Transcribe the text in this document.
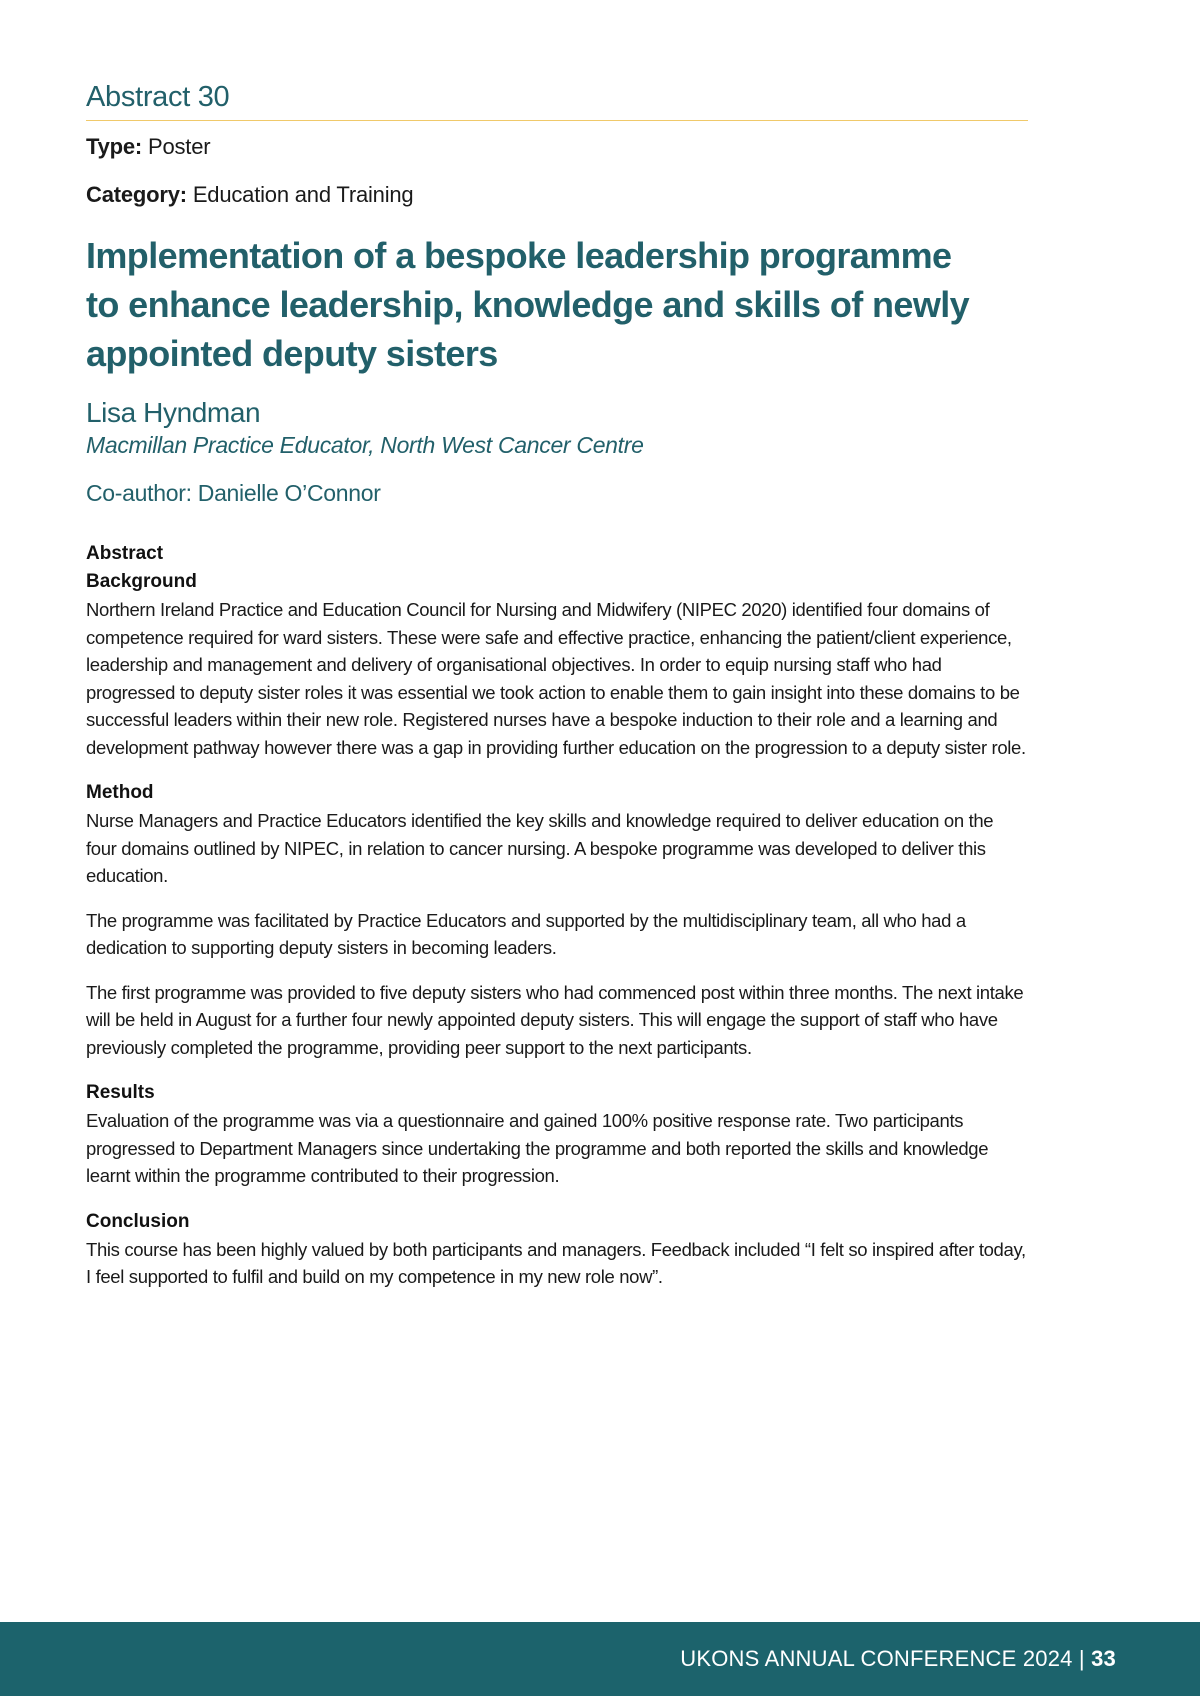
Abstract 30
Type: Poster
Category: Education and Training
Implementation of a bespoke leadership programme to enhance leadership, knowledge and skills of newly appointed deputy sisters
Lisa Hyndman
Macmillan Practice Educator, North West Cancer Centre
Co-author: Danielle O’Connor
Abstract
Background

Northern Ireland Practice and Education Council for Nursing and Midwifery (NIPEC 2020) identified four domains of competence required for ward sisters. These were safe and effective practice, enhancing the patient/client experience, leadership and management and delivery of organisational objectives. In order to equip nursing staff who had progressed to deputy sister roles it was essential we took action to enable them to gain insight into these domains to be successful leaders within their new role. Registered nurses have a bespoke induction to their role and a learning and development pathway however there was a gap in providing further education on the progression to a deputy sister role.

Method

Nurse Managers and Practice Educators identified the key skills and knowledge required to deliver education on the four domains outlined by NIPEC, in relation to cancer nursing. A bespoke programme was developed to deliver this education.

The programme was facilitated by Practice Educators and supported by the multidisciplinary team, all who had a dedication to supporting deputy sisters in becoming leaders.

The first programme was provided to five deputy sisters who had commenced post within three months. The next intake will be held in August for a further four newly appointed deputy sisters. This will engage the support of staff who have previously completed the programme, providing peer support to the next participants.

Results

Evaluation of the programme was via a questionnaire and gained 100% positive response rate. Two participants progressed to Department Managers since undertaking the programme and both reported the skills and knowledge learnt within the programme contributed to their progression.

Conclusion

This course has been highly valued by both participants and managers. Feedback included “I felt so inspired after today, I feel supported to fulfil and build on my competence in my new role now”.

UKONS ANNUAL CONFERENCE 2024 | 33
